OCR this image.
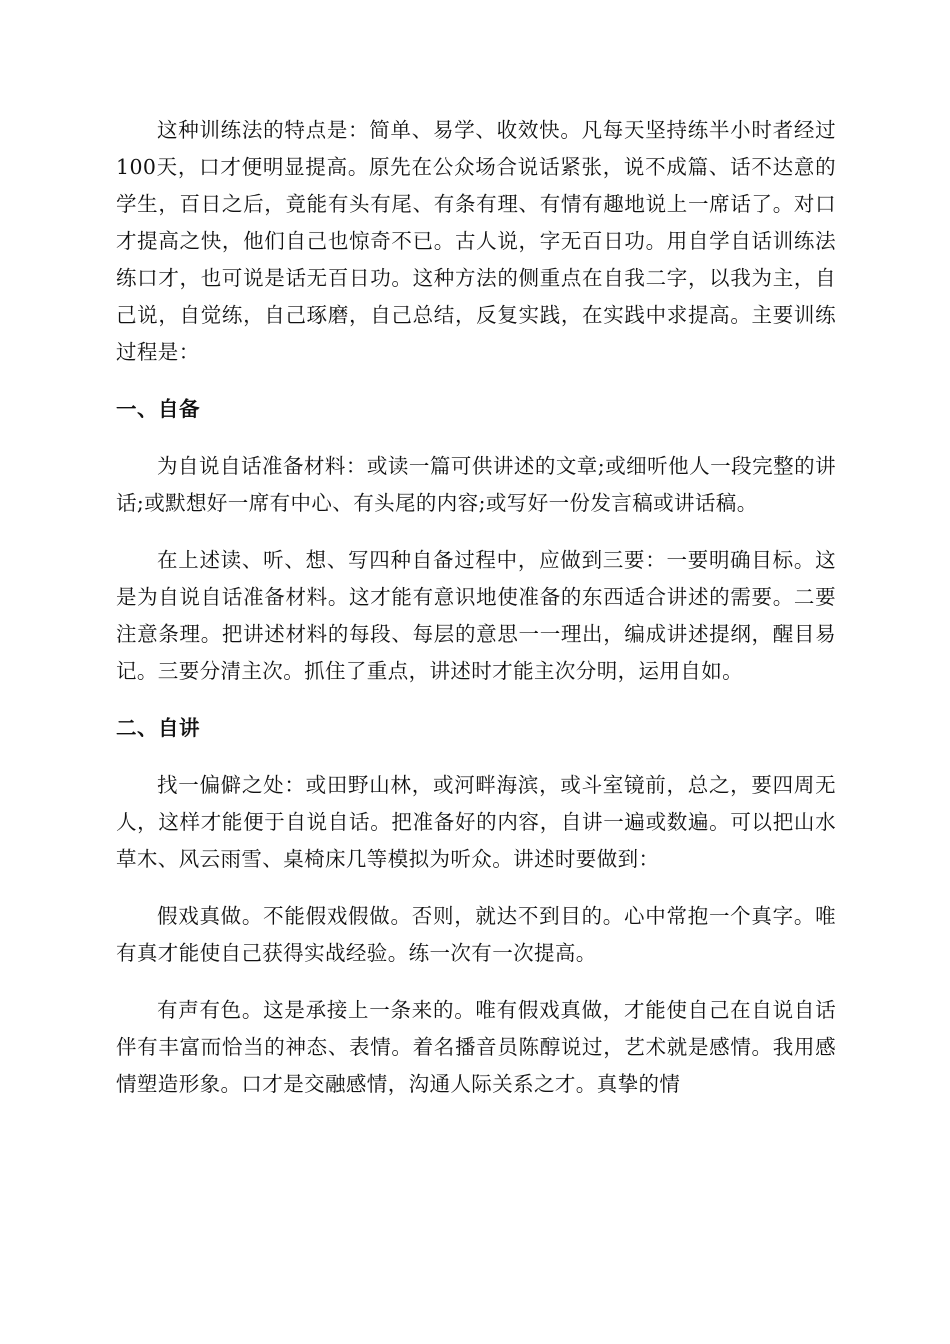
这种训练法的特点是：简单、易学、收效快。凡每天坚持练半小时者经过100天，口才便明显提高。原先在公众场合说话紧张，说不成篇、话不达意的学生，百日之后，竟能有头有尾、有条有理、有情有趣地说上一席话了。对口才提高之快，他们自己也惊奇不已。古人说，字无百日功。用自学自话训练法练口才，也可说是话无百日功。这种方法的侧重点在自我二字，以我为主，自己说，自觉练，自己琢磨，自己总结，反复实践，在实践中求提高。主要训练过程是：

一、自备

为自说自话准备材料：或读一篇可供讲述的文章;或细听他人一段完整的讲话;或默想好一席有中心、有头尾的内容;或写好一份发言稿或讲话稿。

在上述读、听、想、写四种自备过程中，应做到三要：一要明确目标。这是为自说自话准备材料。这才能有意识地使准备的东西适合讲述的需要。二要注意条理。把讲述材料的每段、每层的意思一一理出，编成讲述提纲，醒目易记。三要分清主次。抓住了重点，讲述时才能主次分明，运用自如。

二、自讲

找一偏僻之处：或田野山林，或河畔海滨，或斗室镜前，总之，要四周无人，这样才能便于自说自话。把准备好的内容，自讲一遍或数遍。可以把山水草木、风云雨雪、桌椅床几等模拟为听众。讲述时要做到：

假戏真做。不能假戏假做。否则，就达不到目的。心中常抱一个真字。唯有真才能使自己获得实战经验。练一次有一次提高。

有声有色。这是承接上一条来的。唯有假戏真做，才能使自己在自说自话伴有丰富而恰当的神态、表情。着名播音员陈醇说过，艺术就是感情。我用感情塑造形象。口才是交融感情，沟通人际关系之才。真挚的情
